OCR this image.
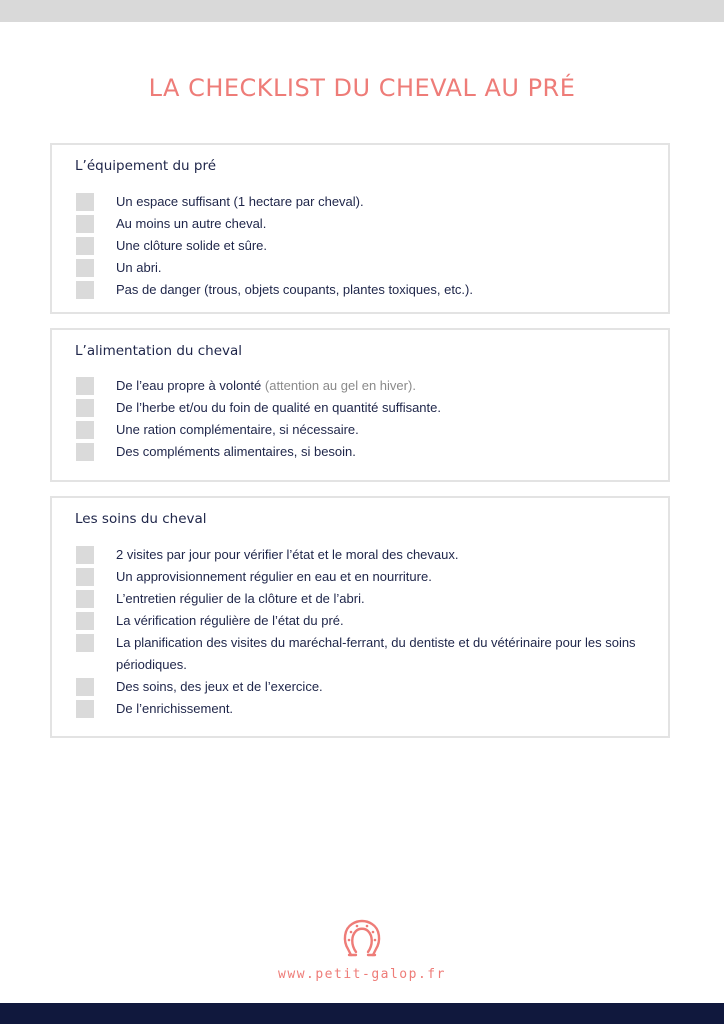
LA CHECKLIST DU CHEVAL AU PRÉ
L’équipement du pré
Un espace suffisant (1 hectare par cheval).
Au moins un autre cheval.
Une clôture solide et sûre.
Un abri.
Pas de danger (trous, objets coupants, plantes toxiques, etc.).
L’alimentation du cheval
De l’eau propre à volonté (attention au gel en hiver).
De l’herbe et/ou du foin de qualité en quantité suffisante.
Une ration complémentaire, si nécessaire.
Des compléments alimentaires, si besoin.
Les soins du cheval
2 visites par jour pour vérifier l’état et le moral des chevaux.
Un approvisionnement régulier en eau et en nourriture.
L’entretien régulier de la clôture et de l’abri.
La vérification régulière de l’état du pré.
La planification des visites du maréchal-ferrant, du dentiste et du vétérinaire pour les soins périodiques.
Des soins, des jeux et de l’exercice.
De l’enrichissement.
www.petit-galop.fr
